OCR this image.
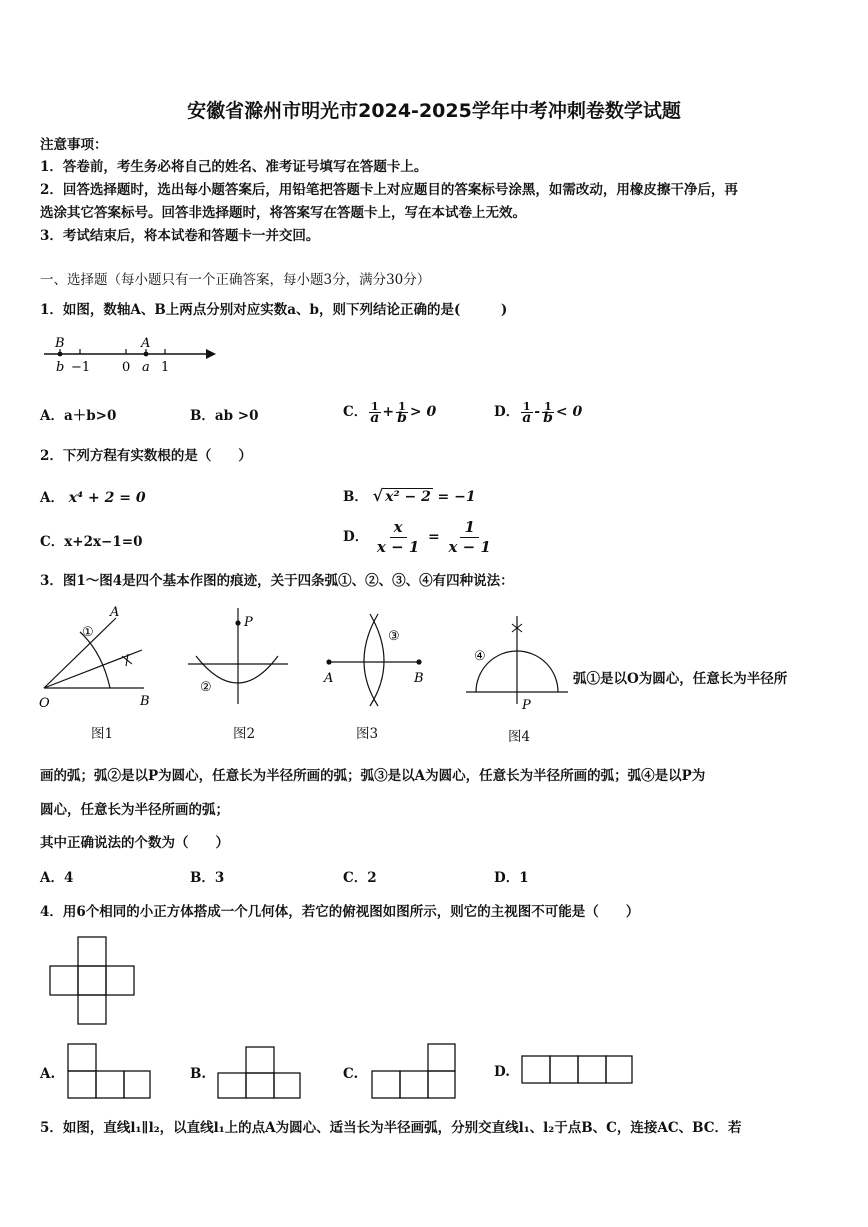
安徽省滁州市明光市2024-2025学年中考冲刺卷数学试题
注意事项：
1．答卷前，考生务必将自己的姓名、准考证号填写在答题卡上。
2．回答选择题时，选出每小题答案后，用铅笔把答题卡上对应题目的答案标号涂黑，如需改动，用橡皮擦干净后，再
选涂其它答案标号。回答非选择题时，将答案写在答题卡上，写在本试卷上无效。
3．考试结束后，将本试卷和答题卡一并交回。
一、选择题（每小题只有一个正确答案，每小题3分，满分30分）
1．如图，数轴A、B上两点分别对应实数a、b，则下列结论正确的是(　　　)
B	A
b −1 0 a 1
A．a＋b>0	B．ab >0	C． $\frac{1}{a} + \frac{1}{b} > 0$	D． $\frac{1}{a} - \frac{1}{b} < 0$
2．下列方程有实数根的是（　　）
A． x⁴ + 2 = 0	B． √ x² − 2 = −1
C．x+2x−1=0	D． $\frac{x}{x - 1} = \frac{1}{x - 1}$
3．图1～图4是四个基本作图的痕迹，关于四条弧①、②、③、④有四种说法：
A
B
O
①
图1
P
②
图2
A	B
③
图3
④
P
图4
弧①是以O为圆心，任意长为半径所
画的弧；弧②是以P为圆心，任意长为半径所画的弧；弧③是以A为圆心，任意长为半径所画的弧；弧④是以P为
圆心，任意长为半径所画的弧；
其中正确说法的个数为（　　）
A．4	B．3	C．2	D．1
4．用6个相同的小正方体搭成一个几何体，若它的俯视图如图所示，则它的主视图不可能是（　　）
A.	B.	C.	D.
5．如图，直线l₁∥l₂，以直线l₁上的点A为圆心、适当长为半径画弧，分别交直线l₁、l₂于点B、C，连接AC、BC．若
